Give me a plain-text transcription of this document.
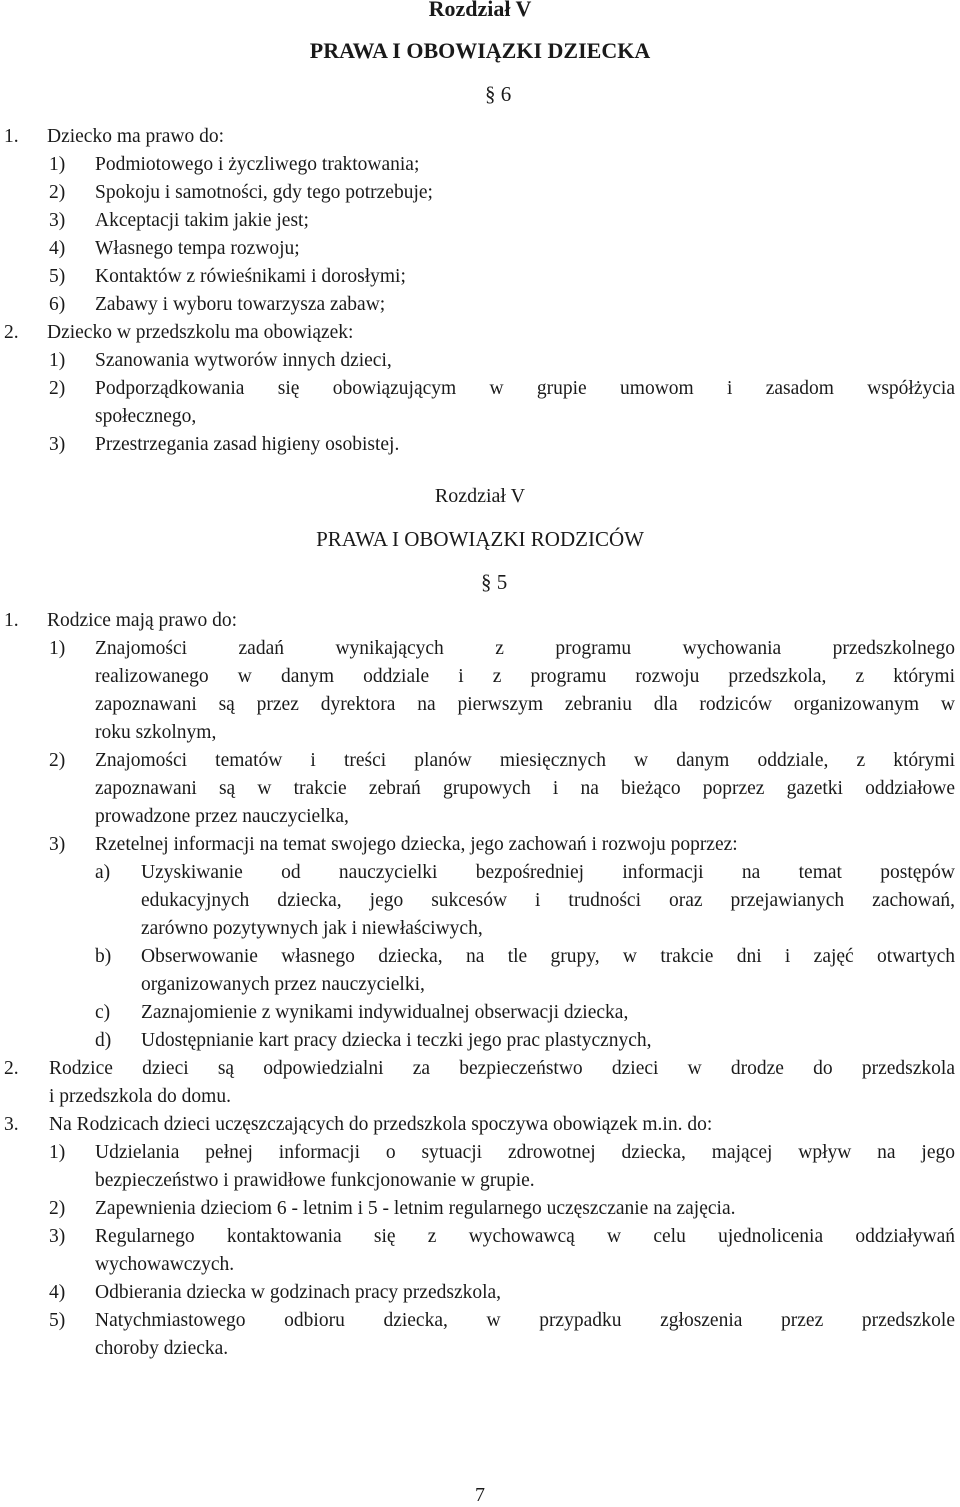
Rozdział V
PRAWA I OBOWIĄZKI DZIECKA
§ 6
1. Dziecko ma prawo do:
1) Podmiotowego i życzliwego traktowania;
2) Spokoju i samotności, gdy tego potrzebuje;
3) Akceptacji takim jakie jest;
4) Własnego tempa rozwoju;
5) Kontaktów z rówieśnikami i dorosłymi;
6) Zabawy i wyboru towarzysza zabaw;
2. Dziecko w przedszkolu ma obowiązek:
1) Szanowania wytworów innych dzieci,
2) Podporządkowania się obowiązującym w grupie umowom i zasadom współżycia
społecznego,
3) Przestrzegania zasad higieny osobistej.
Rozdział V
PRAWA I OBOWIĄZKI RODZICÓW
§ 5
1. Rodzice mają prawo do:
1) Znajomości zadań wynikających z programu wychowania przedszkolnego
realizowanego w danym oddziale i z programu rozwoju przedszkola, z którymi
zapoznawani są przez dyrektora na pierwszym zebraniu dla rodziców organizowanym w
roku szkolnym,
2) Znajomości tematów i treści planów miesięcznych w danym oddziale, z którymi
zapoznawani są w trakcie zebrań grupowych i na bieżąco poprzez gazetki oddziałowe
prowadzone przez nauczycielka,
3) Rzetelnej informacji na temat swojego dziecka, jego zachowań i rozwoju poprzez:
a) Uzyskiwanie od nauczycielki bezpośredniej informacji na temat postępów
edukacyjnych dziecka, jego sukcesów i trudności oraz przejawianych zachowań,
zarówno pozytywnych jak i niewłaściwych,
b) Obserwowanie własnego dziecka, na tle grupy, w trakcie dni i zajęć otwartych
organizowanych przez nauczycielki,
c) Zaznajomienie z wynikami indywidualnej obserwacji dziecka,
d) Udostępnianie kart pracy dziecka i teczki jego prac plastycznych,
2. Rodzice dzieci są odpowiedzialni za bezpieczeństwo dzieci w drodze do przedszkola
i przedszkola do domu.
3. Na Rodzicach dzieci uczęszczających do przedszkola spoczywa obowiązek m.in. do:
1) Udzielania pełnej informacji o sytuacji zdrowotnej dziecka, mającej wpływ na jego
bezpieczeństwo i prawidłowe funkcjonowanie w grupie.
2) Zapewnienia dzieciom 6 - letnim i 5 - letnim regularnego uczęszczanie na zajęcia.
3) Regularnego kontaktowania się z wychowawcą w celu ujednolicenia oddziaływań
wychowawczych.
4) Odbierania dziecka w godzinach pracy przedszkola,
5) Natychmiastowego odbioru dziecka, w przypadku zgłoszenia przez przedszkole
choroby dziecka.
7
